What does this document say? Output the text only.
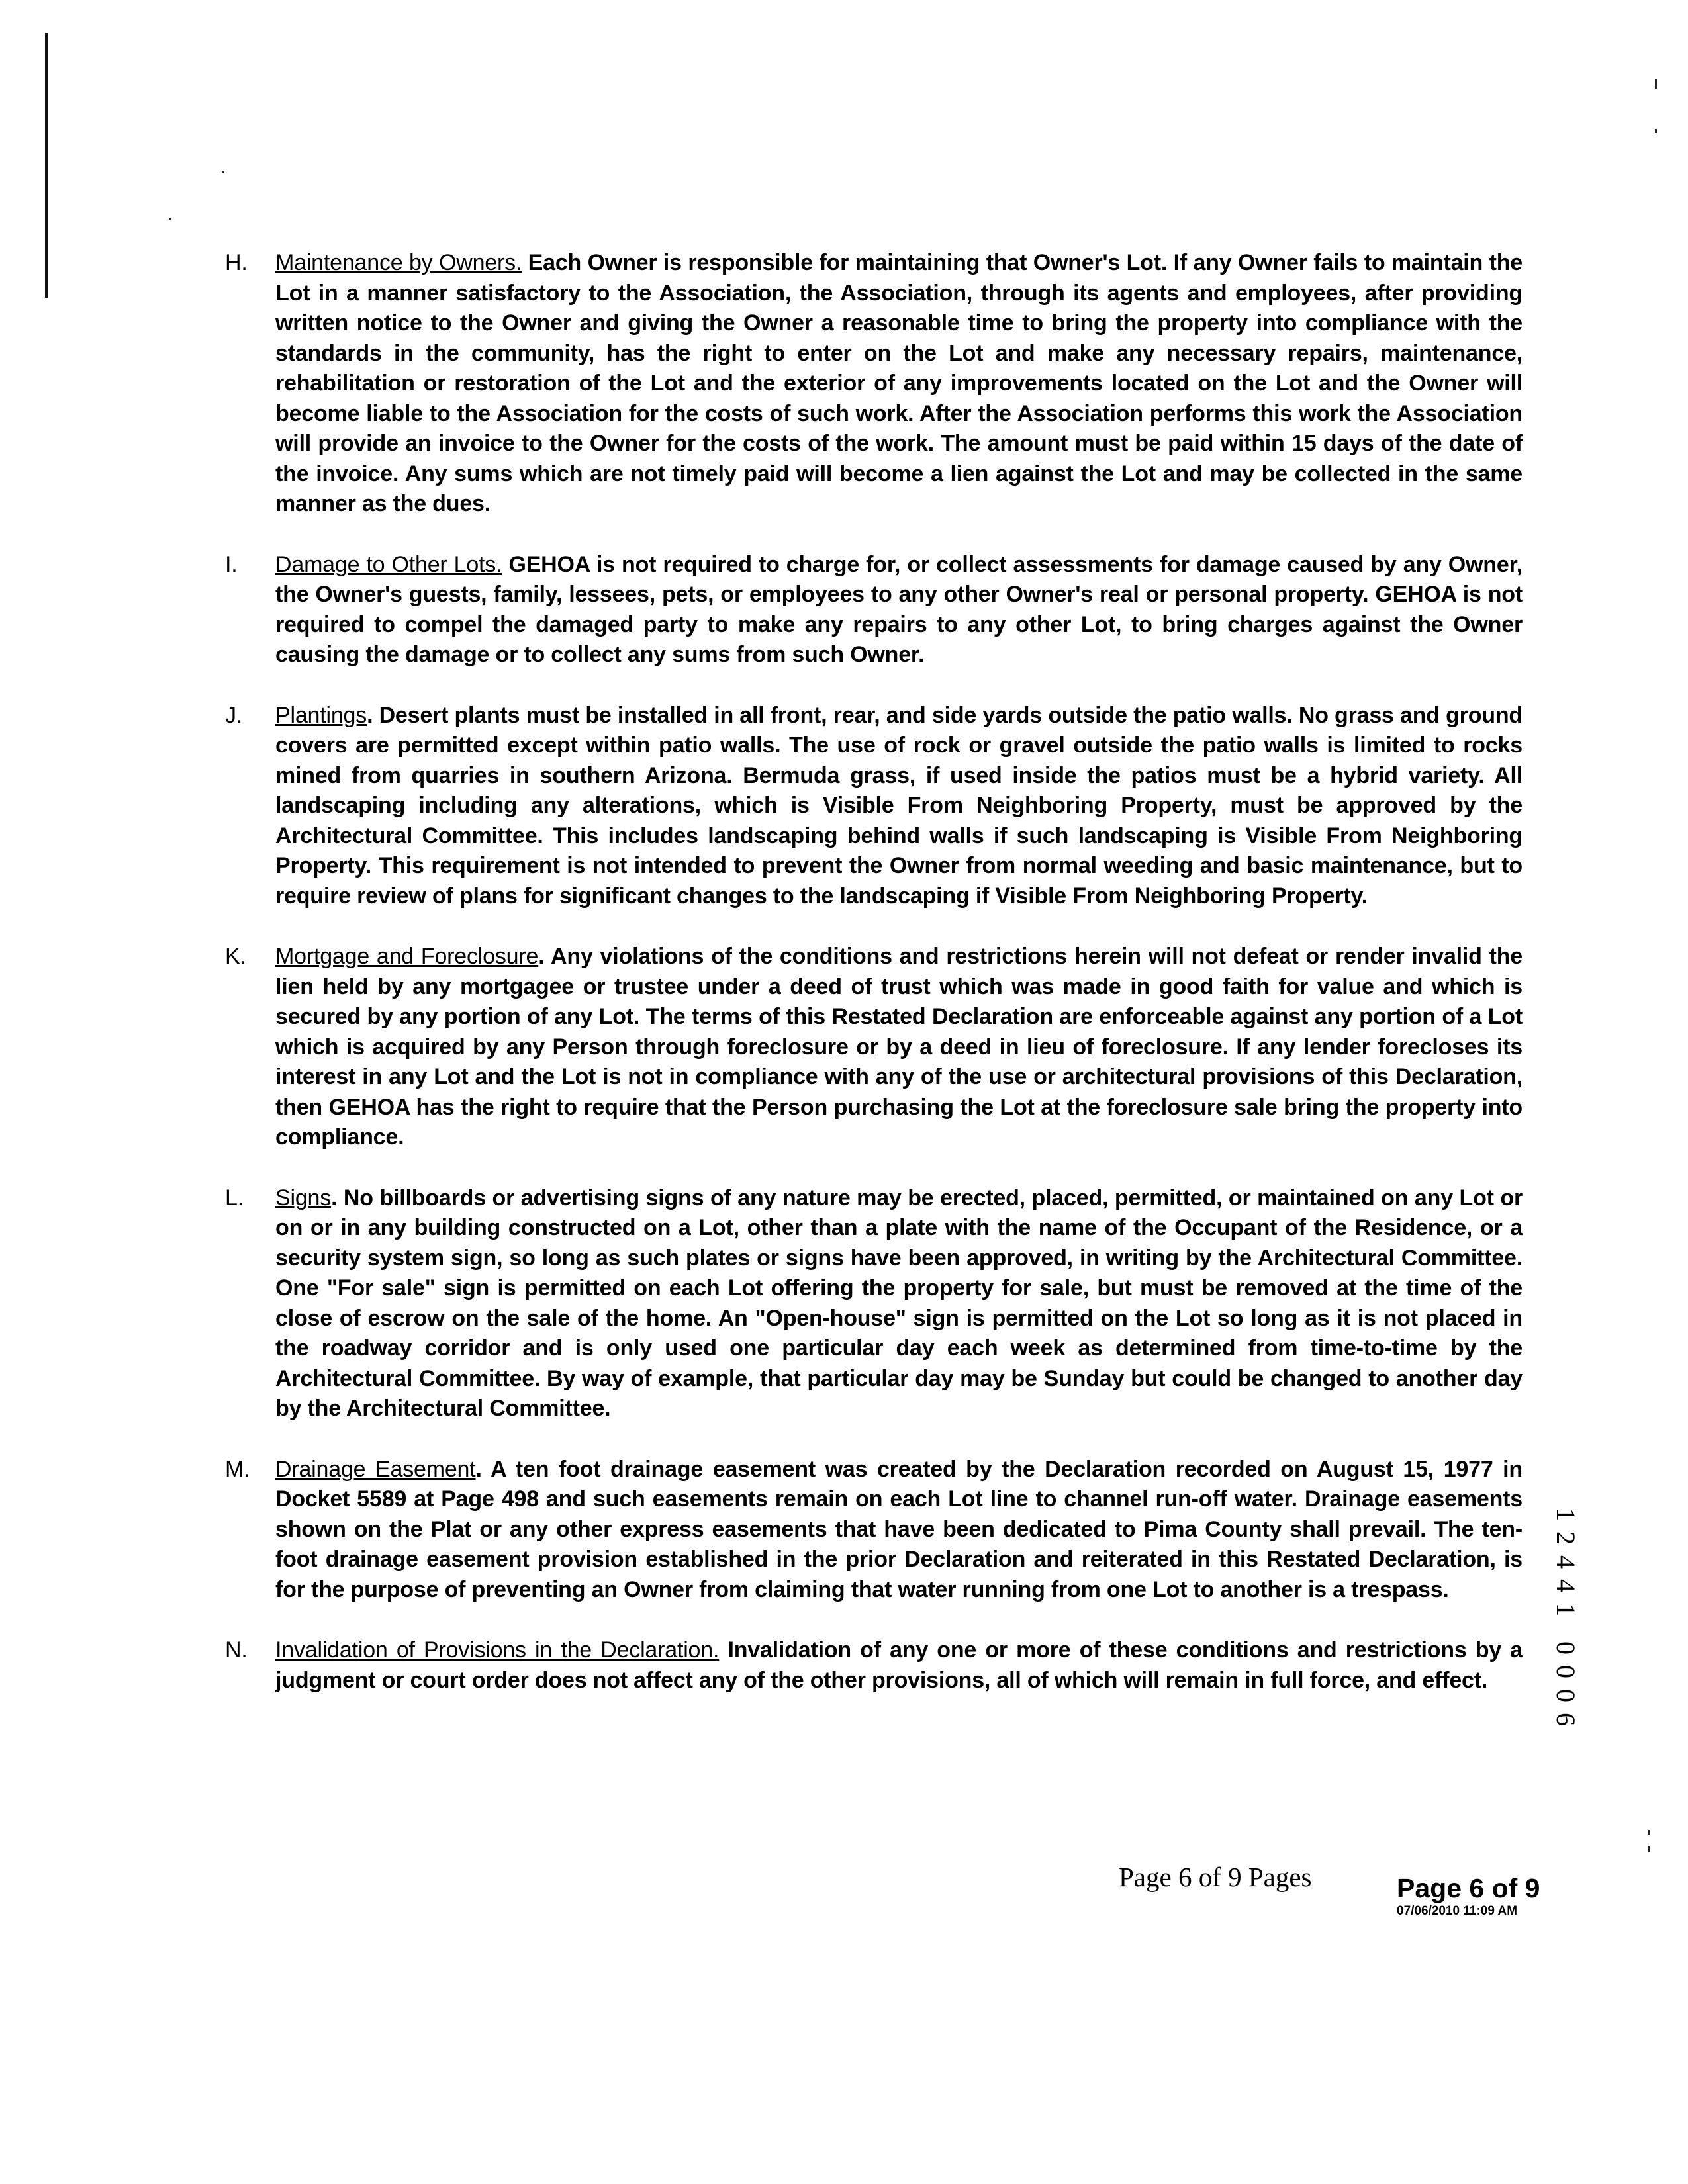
H. Maintenance by Owners. Each Owner is responsible for maintaining that Owner's Lot. If any Owner fails to maintain the Lot in a manner satisfactory to the Association, the Association, through its agents and employees, after providing written notice to the Owner and giving the Owner a reasonable time to bring the property into compliance with the standards in the community, has the right to enter on the Lot and make any necessary repairs, maintenance, rehabilitation or restoration of the Lot and the exterior of any improvements located on the Lot and the Owner will become liable to the Association for the costs of such work. After the Association performs this work the Association will provide an invoice to the Owner for the costs of the work. The amount must be paid within 15 days of the date of the invoice. Any sums which are not timely paid will become a lien against the Lot and may be collected in the same manner as the dues.
I. Damage to Other Lots. GEHOA is not required to charge for, or collect assessments for damage caused by any Owner, the Owner's guests, family, lessees, pets, or employees to any other Owner's real or personal property. GEHOA is not required to compel the damaged party to make any repairs to any other Lot, to bring charges against the Owner causing the damage or to collect any sums from such Owner.
J. Plantings. Desert plants must be installed in all front, rear, and side yards outside the patio walls. No grass and ground covers are permitted except within patio walls. The use of rock or gravel outside the patio walls is limited to rocks mined from quarries in southern Arizona. Bermuda grass, if used inside the patios must be a hybrid variety. All landscaping including any alterations, which is Visible From Neighboring Property, must be approved by the Architectural Committee. This includes landscaping behind walls if such landscaping is Visible From Neighboring Property. This requirement is not intended to prevent the Owner from normal weeding and basic maintenance, but to require review of plans for significant changes to the landscaping if Visible From Neighboring Property.
K. Mortgage and Foreclosure. Any violations of the conditions and restrictions herein will not defeat or render invalid the lien held by any mortgagee or trustee under a deed of trust which was made in good faith for value and which is secured by any portion of any Lot. The terms of this Restated Declaration are enforceable against any portion of a Lot which is acquired by any Person through foreclosure or by a deed in lieu of foreclosure. If any lender forecloses its interest in any Lot and the Lot is not in compliance with any of the use or architectural provisions of this Declaration, then GEHOA has the right to require that the Person purchasing the Lot at the foreclosure sale bring the property into compliance.
L. Signs. No billboards or advertising signs of any nature may be erected, placed, permitted, or maintained on any Lot or on or in any building constructed on a Lot, other than a plate with the name of the Occupant of the Residence, or a security system sign, so long as such plates or signs have been approved, in writing by the Architectural Committee. One "For sale" sign is permitted on each Lot offering the property for sale, but must be removed at the time of the close of escrow on the sale of the home. An "Open-house" sign is permitted on the Lot so long as it is not placed in the roadway corridor and is only used one particular day each week as determined from time-to-time by the Architectural Committee. By way of example, that particular day may be Sunday but could be changed to another day by the Architectural Committee.
M. Drainage Easement. A ten foot drainage easement was created by the Declaration recorded on August 15, 1977 in Docket 5589 at Page 498 and such easements remain on each Lot line to channel run-off water. Drainage easements shown on the Plat or any other express easements that have been dedicated to Pima County shall prevail. The ten-foot drainage easement provision established in the prior Declaration and reiterated in this Restated Declaration, is for the purpose of preventing an Owner from claiming that water running from one Lot to another is a trespass.
N. Invalidation of Provisions in the Declaration. Invalidation of any one or more of these conditions and restrictions by a judgment or court order does not affect any of the other provisions, all of which will remain in full force, and effect.
1
2
4
4
1
0
0
0
6
Page 6 of 9 Pages	Page 6 of 9
07/06/2010 11:09 AM
